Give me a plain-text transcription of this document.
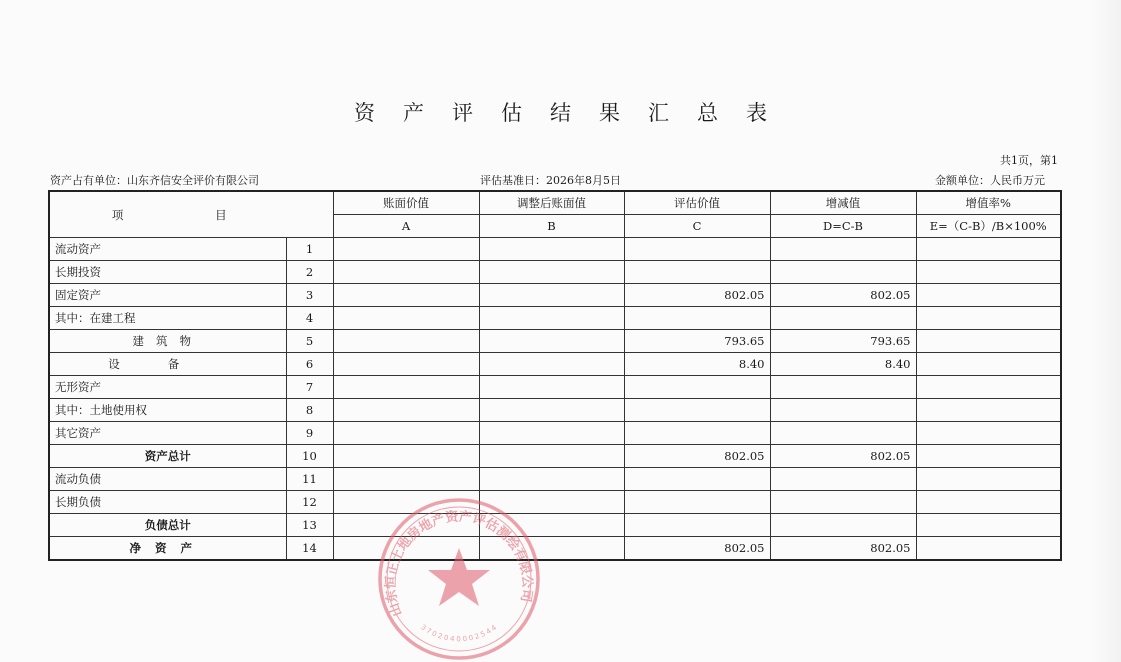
资产评估结果汇总表
共1页，第1
资产占有单位：山东齐信安全评价有限公司	评估基准日：2026年8月5日	金额单位：人民币万元
项 目		账面价值	调整后账面值	评估价值	增减值	增值率%
		A	B	C	D=C-B	E=（C-B）/B×100%
流动资产	1					
长期投资	2					
固定资产	3			802.05	802.05	
其中：在建工程	4					
建筑物	5			793.65	793.65	
设备	6			8.40	8.40	
无形资产	7					
其中：土地使用权	8					
其它资产	9					
资产总计	10			802.05	802.05	
流动负债	11					
长期负债	12					
负债总计	13					
净资产	14			802.05	802.05	
山东恒正土地房地产资产评估测绘有限公司
3702040002544
